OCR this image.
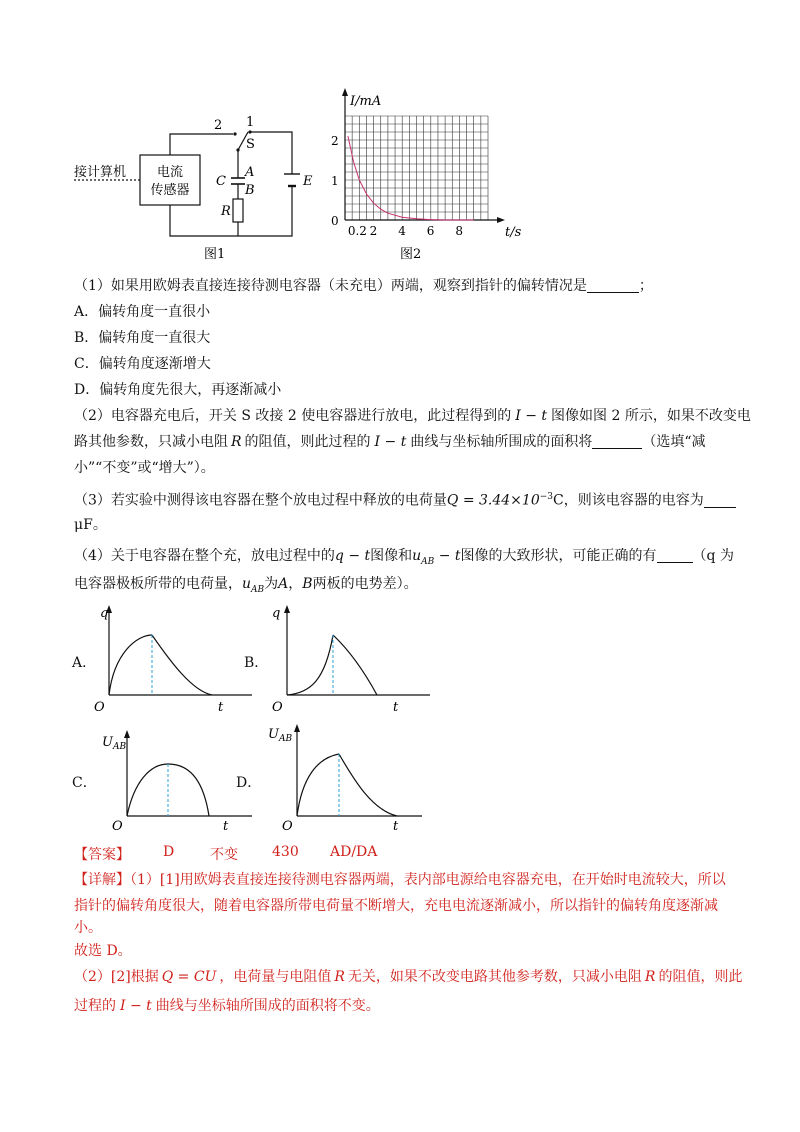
电流
传感器
接计算机
2 1
S
A
C
B
R
E
图1
I/mA
t/s
0
1
2
0.2 2 4 6 8
图2
（1）如果用欧姆表直接连接待测电容器（未充电）两端，观察到指针的偏转情况是	；
A．偏转角度一直很小
B．偏转角度一直很大
C．偏转角度逐渐增大
D．偏转角度先很大，再逐渐减小
（2）电容器充电后，开关 S 改接 2 使电容器进行放电，此过程得到的 I − t 图像如图 2 所示，如果不改变电
路其他参数，只减小电阻 R 的阻值，则此过程的 I − t 曲线与坐标轴所围成的面积将	（选填“减
小”“不变”或“增大”）。
（3）若实验中测得该电容器在整个放电过程中释放的电荷量$Q = 3.44\times 10^{-3}C$，则该电容器的电容为
μF。
（4）关于电容器在整个充，放电过程中的q − t图像和$u_{AB} - t$图像的大致形状，可能正确的有	（q 为
电容器极板所带的电荷量，$u_{AB}$为A，B两板的电势差）。
A．
q
O	t
B．
q
O	t
C．
$U_{AB}$
O	t
D．
$U_{AB}$
O	t
【答案】 D	不变 430 AD/DA
【详解】（1）[1]用欧姆表直接连接待测电容器两端，表内部电源给电容器充电，在开始时电流较大，所以
指针的偏转角度很大，随着电容器所带电荷量不断增大，充电电流逐渐减小，所以指针的偏转角度逐渐减
小。
故选 D。
（2）[2]根据 Q = CU ，电荷量与电阻值 R 无关，如果不改变电路其他参考数，只减小电阻 R 的阻值，则此
过程的 I − t 曲线与坐标轴所围成的面积将不变。
